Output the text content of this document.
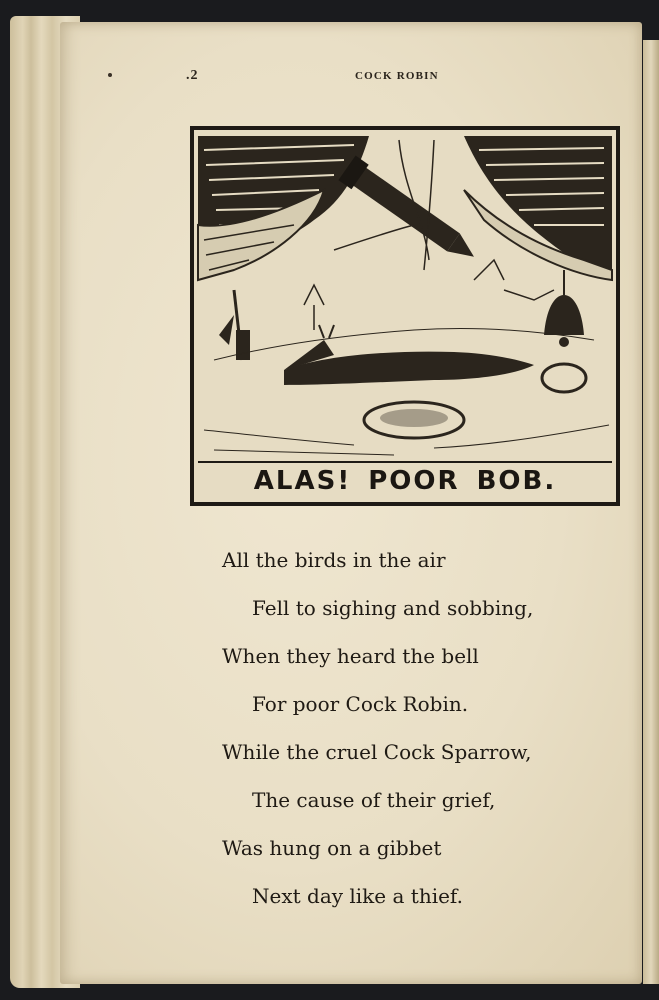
.2	COCK ROBIN
ALAS! POOR BOB.
All the birds in the air
Fell to sighing and sobbing,
When they heard the bell
For poor Cock Robin.
While the cruel Cock Sparrow,
The cause of their grief,
Was hung on a gibbet
Next day like a thief.
